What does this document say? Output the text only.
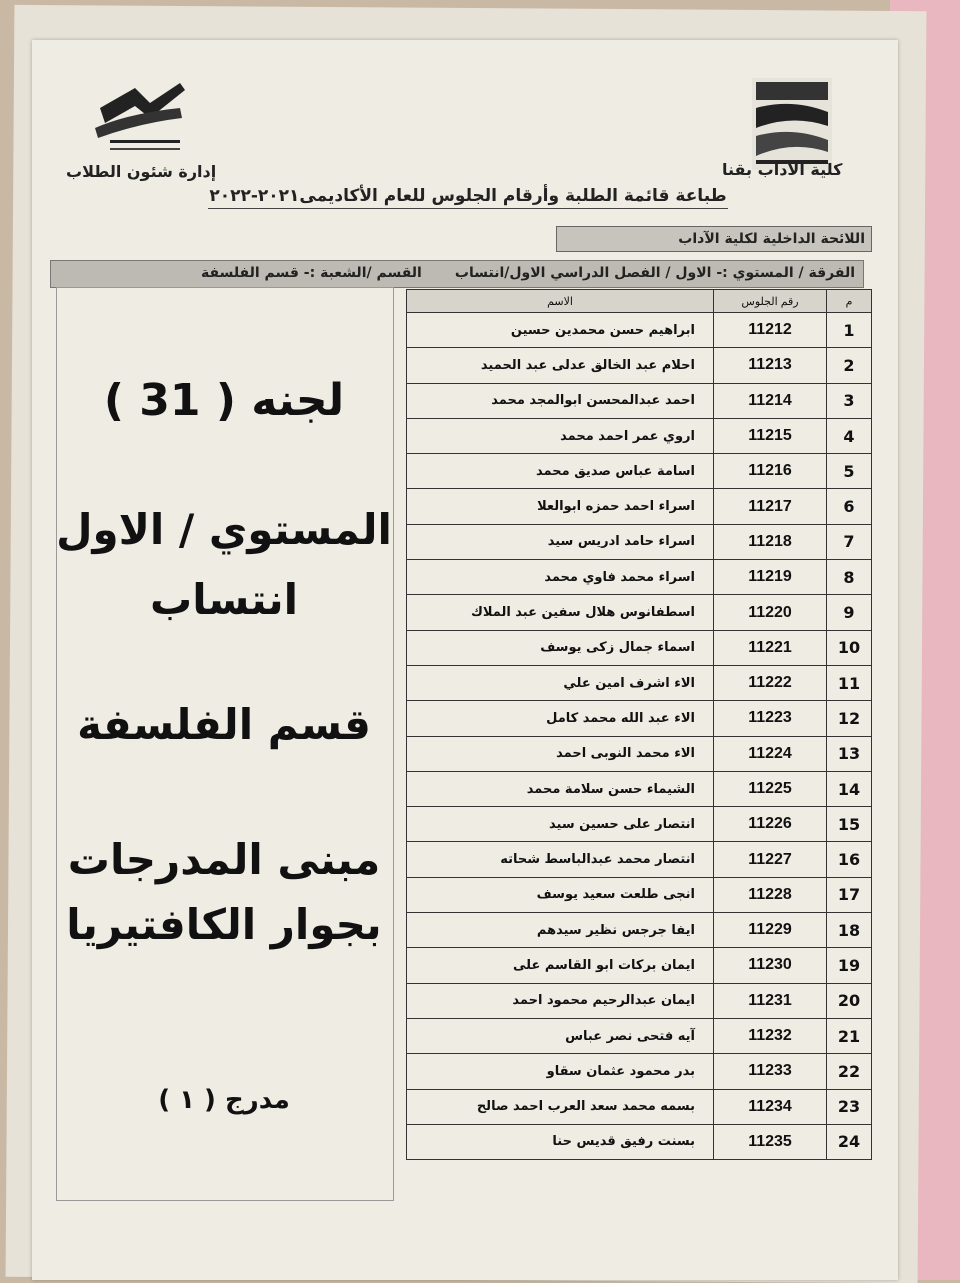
كلية الآداب بقنا
إدارة شئون الطلاب
طباعة قائمة الطلبة وأرقام الجلوس للعام الأكاديمى٢٠٢١-٢٠٢٢
اللائحة الداخلية لكلية الآداب
الفرقة / المستوي :- الاول / الفصل الدراسي الاول/انتساب
القسم /الشعبة :- قسم الفلسفة
لجنه ( 31 )
المستوي / الاول
انتساب
قسم الفلسفة
مبنى المدرجات
بجوار الكافتيريا
مدرج ( ١ )
م	رقم الجلوس	الاسم
1	11212	ابراهيم حسن محمدين حسين
2	11213	احلام عبد الخالق عدلى عبد الحميد
3	11214	احمد عبدالمحسن ابوالمجد محمد
4	11215	اروي عمر احمد محمد
5	11216	اسامة عباس صديق محمد
6	11217	اسراء احمد حمزه ابوالعلا
7	11218	اسراء حامد ادريس سيد
8	11219	اسراء محمد فاوي محمد
9	11220	اسطفانوس هلال سفين عبد الملاك
10	11221	اسماء جمال زكى يوسف
11	11222	الاء اشرف امين علي
12	11223	الاء عبد الله محمد كامل
13	11224	الاء محمد النوبى احمد
14	11225	الشيماء حسن سلامة محمد
15	11226	انتصار على حسين سيد
16	11227	انتصار محمد عبدالباسط شحاته
17	11228	انجى طلعت سعيد يوسف
18	11229	ايفا جرجس نظير سيدهم
19	11230	ايمان بركات ابو القاسم على
20	11231	ايمان عبدالرحيم محمود احمد
21	11232	آيه فتحى نصر عباس
22	11233	بدر محمود عثمان سقاو
23	11234	بسمه محمد سعد العرب احمد صالح
24	11235	بسنت رفيق قديس حنا
